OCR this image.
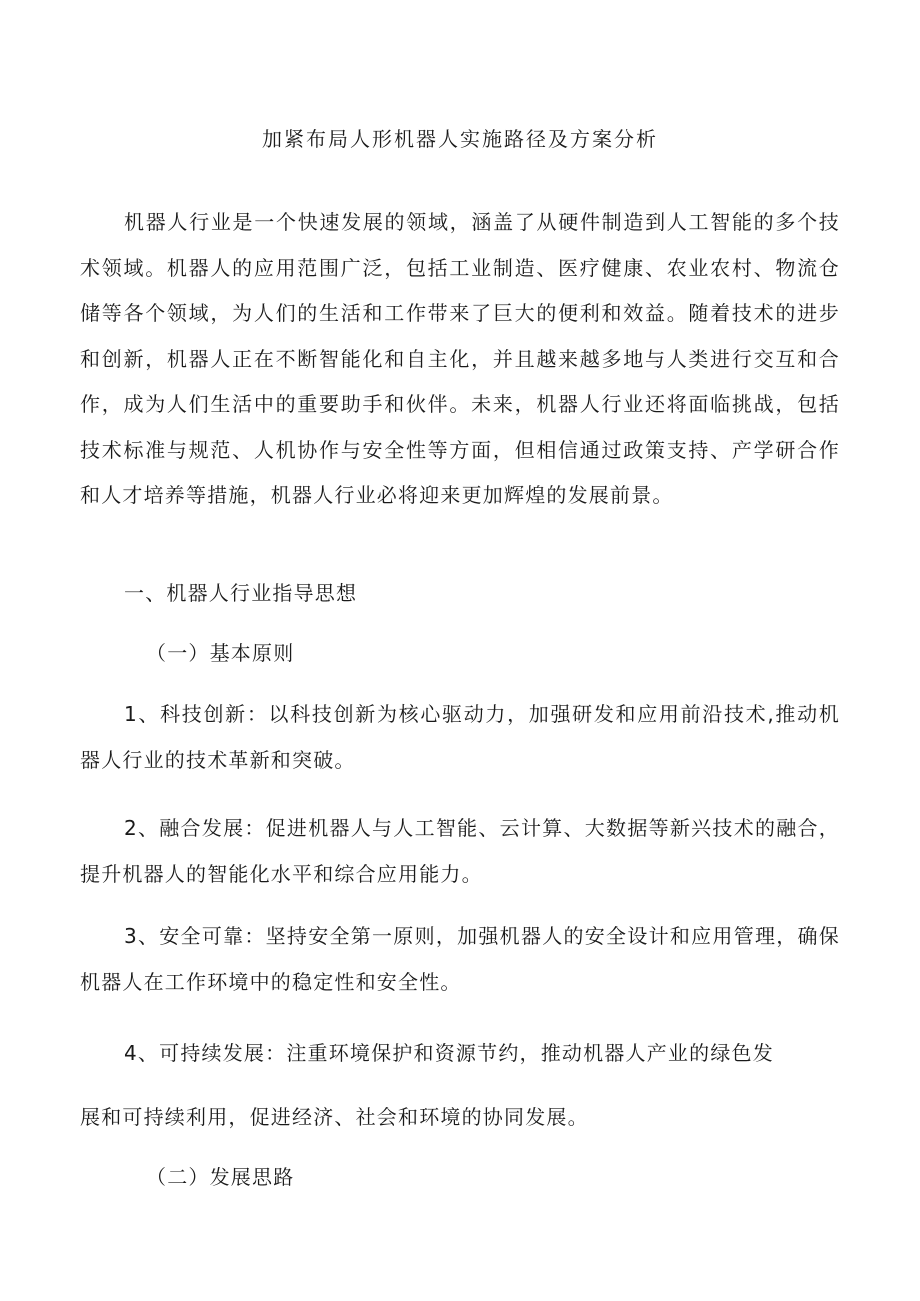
加紧布局人形机器人实施路径及方案分析

机器人行业是一个快速发展的领域，涵盖了从硬件制造到人工智能的多个技术领域。机器人的应用范围广泛，包括工业制造、医疗健康、农业农村、物流仓储等各个领域，为人们的生活和工作带来了巨大的便利和效益。随着技术的进步和创新，机器人正在不断智能化和自主化，并且越来越多地与人类进行交互和合作，成为人们生活中的重要助手和伙伴。未来，机器人行业还将面临挑战，包括技术标准与规范、人机协作与安全性等方面，但相信通过政策支持、产学研合作和人才培养等措施，机器人行业必将迎来更加辉煌的发展前景。

一、机器人行业指导思想

（一）基本原则

1、科技创新：以科技创新为核心驱动力，加强研发和应用前沿技术,推动机器人行业的技术革新和突破。

2、融合发展：促进机器人与人工智能、云计算、大数据等新兴技术的融合，提升机器人的智能化水平和综合应用能力。

3、安全可靠：坚持安全第一原则，加强机器人的安全设计和应用管理，确保机器人在工作环境中的稳定性和安全性。

4、可持续发展：注重环境保护和资源节约，推动机器人产业的绿色发

展和可持续利用，促进经济、社会和环境的协同发展。

（二）发展思路
